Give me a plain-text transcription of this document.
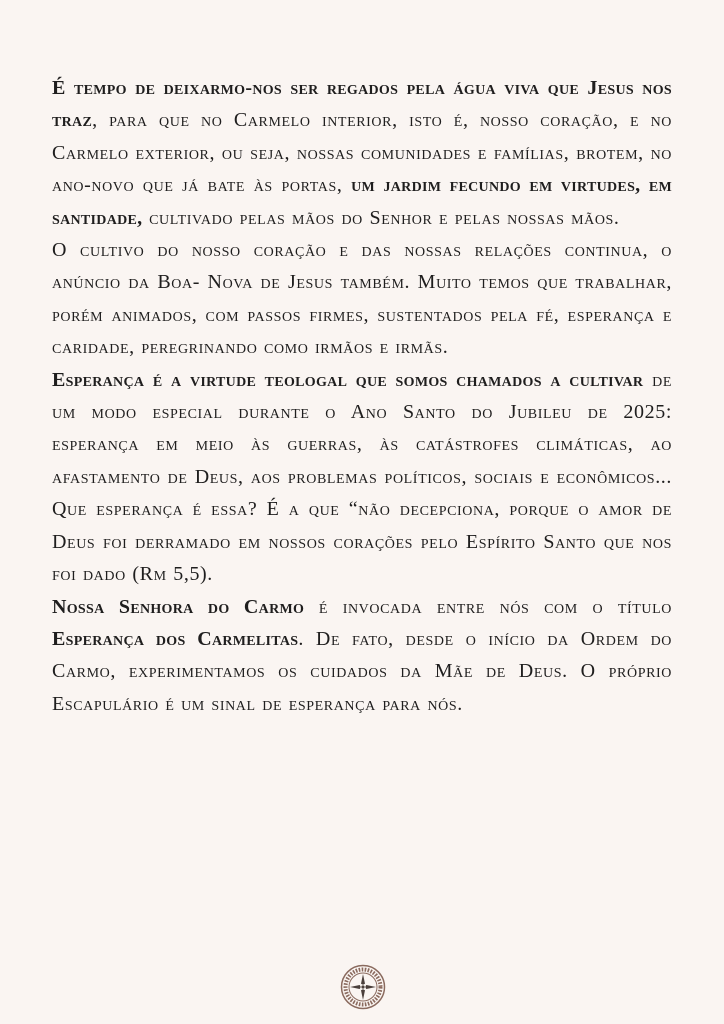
É tempo de deixarmo-nos ser regados pela água viva que Jesus nos traz, para que no Carmelo interior, isto é, nosso coração, e no Carmelo exterior, ou seja, nossas comunidades e famílias, brotem, no ano-novo que já bate às portas, um jardim fecundo em virtudes, em santidade, cultivado pelas mãos do Senhor e pelas nossas mãos.

O cultivo do nosso coração e das nossas relações continua, o anúncio da Boa- Nova de Jesus também. Muito temos que trabalhar, porém animados, com passos firmes, sustentados pela fé, esperança e caridade, peregrinando como irmãos e irmãs.

Esperança é a virtude teologal que somos chamados a cultivar de um modo especial durante o Ano Santo do Jubileu de 2025: esperança em meio às guerras, às catástrofes climáticas, ao afastamento de Deus, aos problemas políticos, sociais e econômicos... Que esperança é essa? É a que “não decepciona, porque o amor de Deus foi derramado em nossos corações pelo Espírito Santo que nos foi dado (Rm 5,5).

Nossa Senhora do Carmo é invocada entre nós com o título Esperança dos Carmelitas. De fato, desde o início da Ordem do Carmo, experimentamos os cuidados da Mãe de Deus. O próprio Escapulário é um sinal de esperança para nós.
